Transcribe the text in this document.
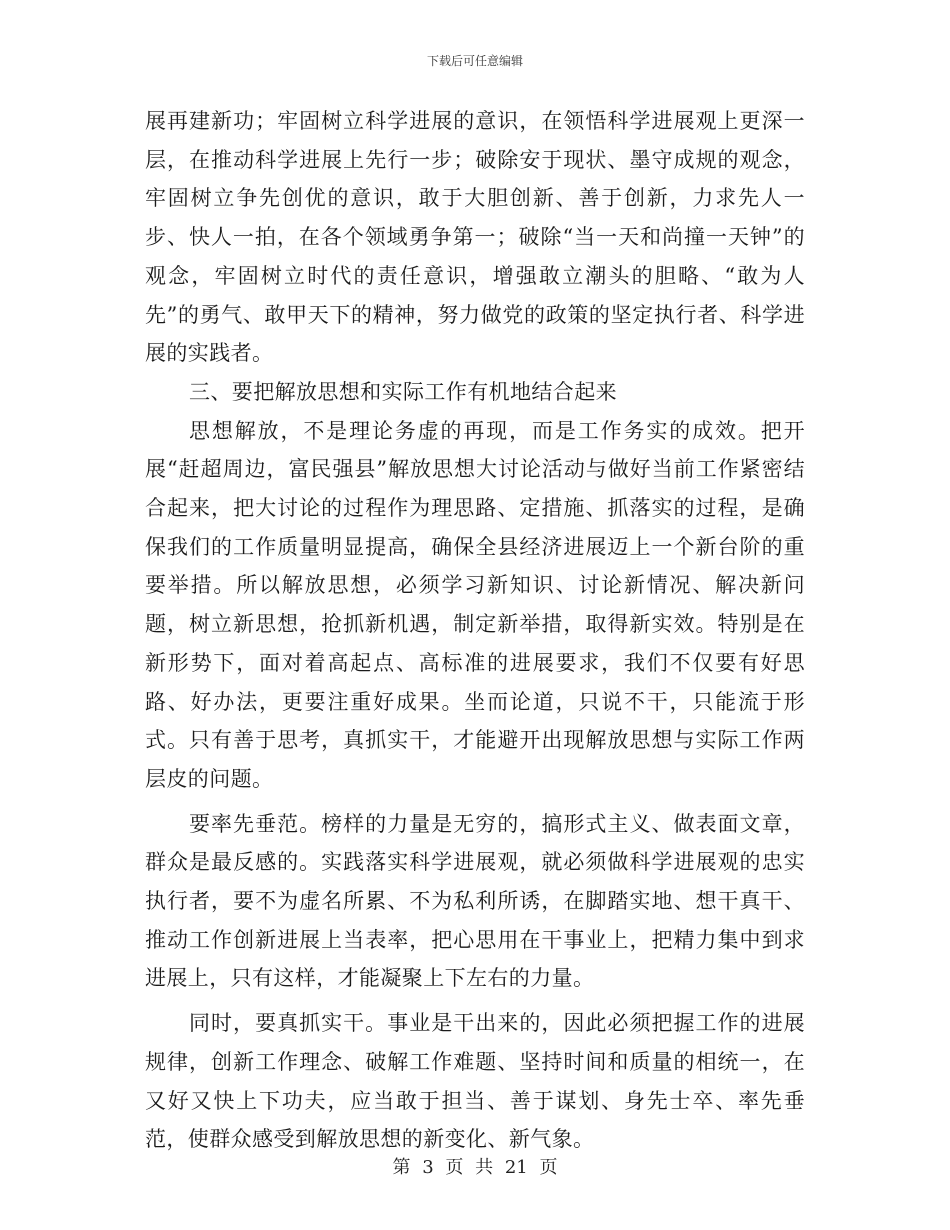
下载后可任意编辑

展再建新功；牢固树立科学进展的意识，在领悟科学进展观上更深一层，在推动科学进展上先行一步；破除安于现状、墨守成规的观念，牢固树立争先创优的意识，敢于大胆创新、善于创新，力求先人一步、快人一拍，在各个领域勇争第一；破除“当一天和尚撞一天钟”的观念，牢固树立时代的责任意识，增强敢立潮头的胆略、“敢为人先”的勇气、敢甲天下的精神，努力做党的政策的坚定执行者、科学进展的实践者。

三、要把解放思想和实际工作有机地结合起来

思想解放，不是理论务虚的再现，而是工作务实的成效。把开展“赶超周边，富民强县”解放思想大讨论活动与做好当前工作紧密结合起来，把大讨论的过程作为理思路、定措施、抓落实的过程，是确保我们的工作质量明显提高，确保全县经济进展迈上一个新台阶的重要举措。所以解放思想，必须学习新知识、讨论新情况、解决新问题，树立新思想，抢抓新机遇，制定新举措，取得新实效。特别是在新形势下，面对着高起点、高标准的进展要求，我们不仅要有好思路、好办法，更要注重好成果。坐而论道，只说不干，只能流于形式。只有善于思考，真抓实干，才能避开出现解放思想与实际工作两层皮的问题。

要率先垂范。榜样的力量是无穷的，搞形式主义、做表面文章，群众是最反感的。实践落实科学进展观，就必须做科学进展观的忠实执行者，要不为虚名所累、不为私利所诱，在脚踏实地、想干真干、推动工作创新进展上当表率，把心思用在干事业上，把精力集中到求进展上，只有这样，才能凝聚上下左右的力量。

同时，要真抓实干。事业是干出来的，因此必须把握工作的进展规律，创新工作理念、破解工作难题、坚持时间和质量的相统一，在又好又快上下功夫，应当敢于担当、善于谋划、身先士卒、率先垂范，使群众感受到解放思想的新变化、新气象。

第 3 页 共 21 页
